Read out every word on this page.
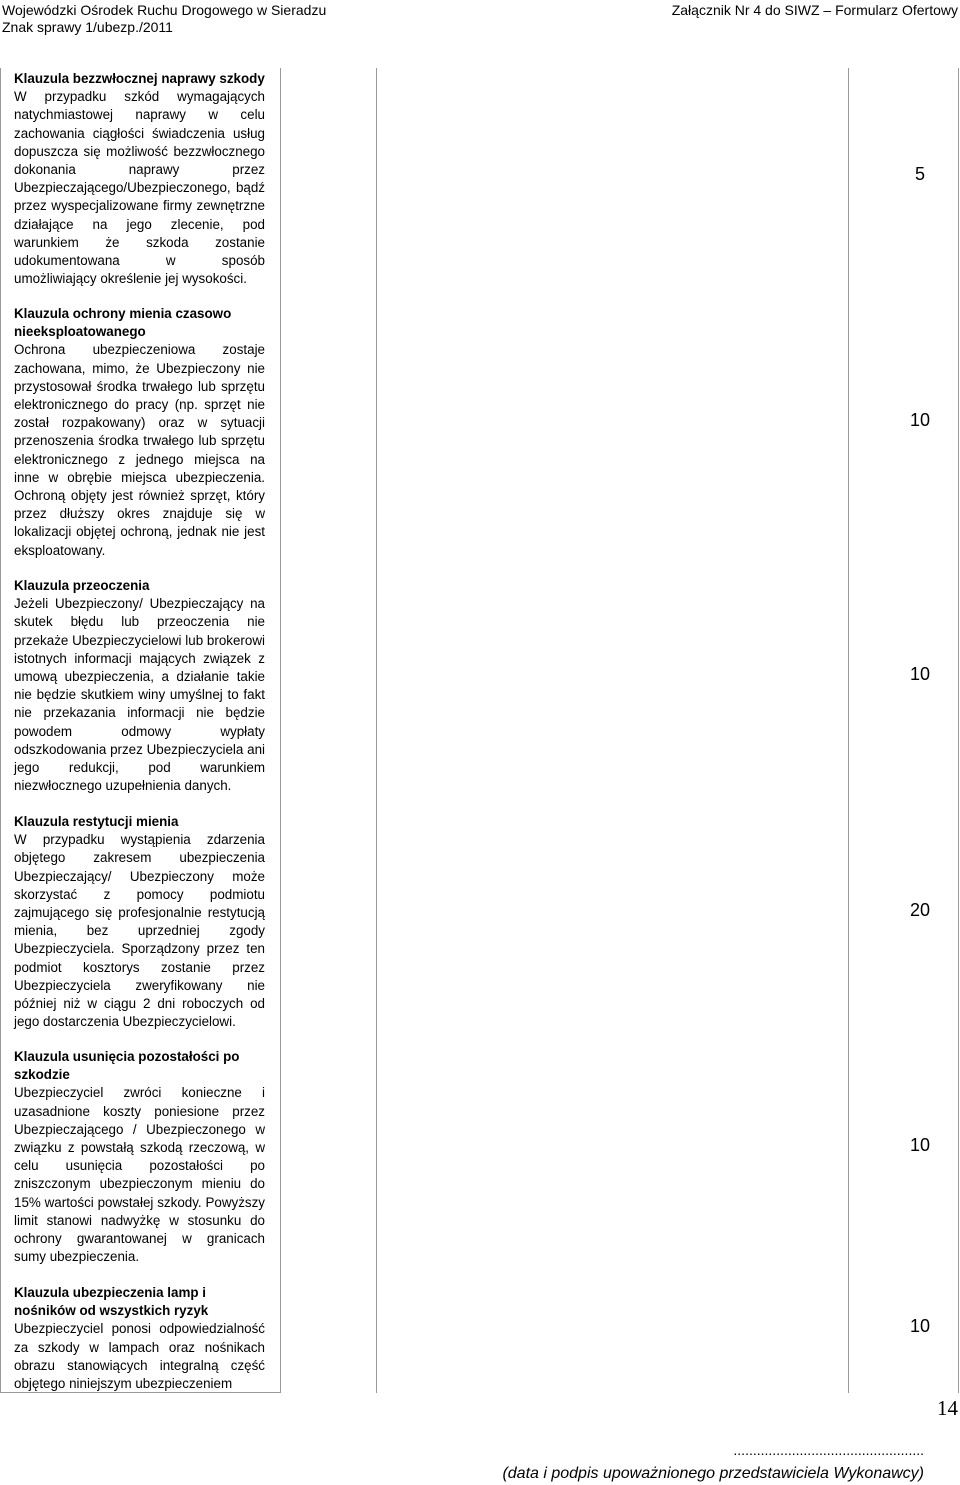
Wojewódzki Ośrodek Ruchu Drogowego w Sieradzu
Znak sprawy 1/ubezp./2011
Załącznik Nr 4 do SIWZ – Formularz Ofertowy
Klauzula bezzwłocznej naprawy szkody
W przypadku szkód wymagających natychmiastowej naprawy w celu zachowania ciągłości świadczenia usług dopuszcza się możliwość bezzwłocznego dokonania naprawy przez Ubezpieczającego/Ubezpieczonego, bądź przez wyspecjalizowane firmy zewnętrzne działające na jego zlecenie, pod warunkiem że szkoda zostanie udokumentowana w sposób umożliwiający określenie jej wysokości.
5
Klauzula ochrony mienia czasowo nieeksploatowanego
Ochrona ubezpieczeniowa zostaje zachowana, mimo, że Ubezpieczony nie przystosował środka trwałego lub sprzętu elektronicznego do pracy (np. sprzęt nie został rozpakowany) oraz w sytuacji przenoszenia środka trwałego lub sprzętu elektronicznego z jednego miejsca na inne w obrębie miejsca ubezpieczenia. Ochroną objęty jest również sprzęt, który przez dłuższy okres znajduje się w lokalizacji objętej ochroną, jednak nie jest eksploatowany.
10
Klauzula przeoczenia
Jeżeli Ubezpieczony/ Ubezpieczający na skutek błędu lub przeoczenia nie przekaże Ubezpieczycielowi lub brokerowi istotnych informacji mających związek z umową ubezpieczenia, a działanie takie nie będzie skutkiem winy umyślnej to fakt nie przekazania informacji nie będzie powodem odmowy wypłaty odszkodowania przez Ubezpieczyciela ani jego redukcji, pod warunkiem niezwłocznego uzupełnienia danych.
10
Klauzula restytucji mienia
W przypadku wystąpienia zdarzenia objętego zakresem ubezpieczenia Ubezpieczający/ Ubezpieczony może skorzystać z pomocy podmiotu zajmującego się profesjonalnie restytucją mienia, bez uprzedniej zgody Ubezpieczyciela. Sporządzony przez ten podmiot kosztorys zostanie przez Ubezpieczyciela zweryfikowany nie później niż w ciągu 2 dni roboczych od jego dostarczenia Ubezpieczycielowi.
20
Klauzula usunięcia pozostałości po szkodzie
Ubezpieczyciel zwróci konieczne i uzasadnione koszty poniesione przez Ubezpieczającego / Ubezpieczonego w związku z powstałą szkodą rzeczową, w celu usunięcia pozostałości po zniszczonym ubezpieczonym mieniu do 15% wartości powstałej szkody. Powyższy limit stanowi nadwyżkę w stosunku do ochrony gwarantowanej w granicach sumy ubezpieczenia.
10
Klauzula ubezpieczenia lamp i nośników od wszystkich ryzyk
Ubezpieczyciel ponosi odpowiedzialność za szkody w lampach oraz nośnikach obrazu stanowiących integralną część objętego niniejszym ubezpieczeniem
10
14
.................................................
(data i podpis upoważnionego przedstawiciela Wykonawcy)
